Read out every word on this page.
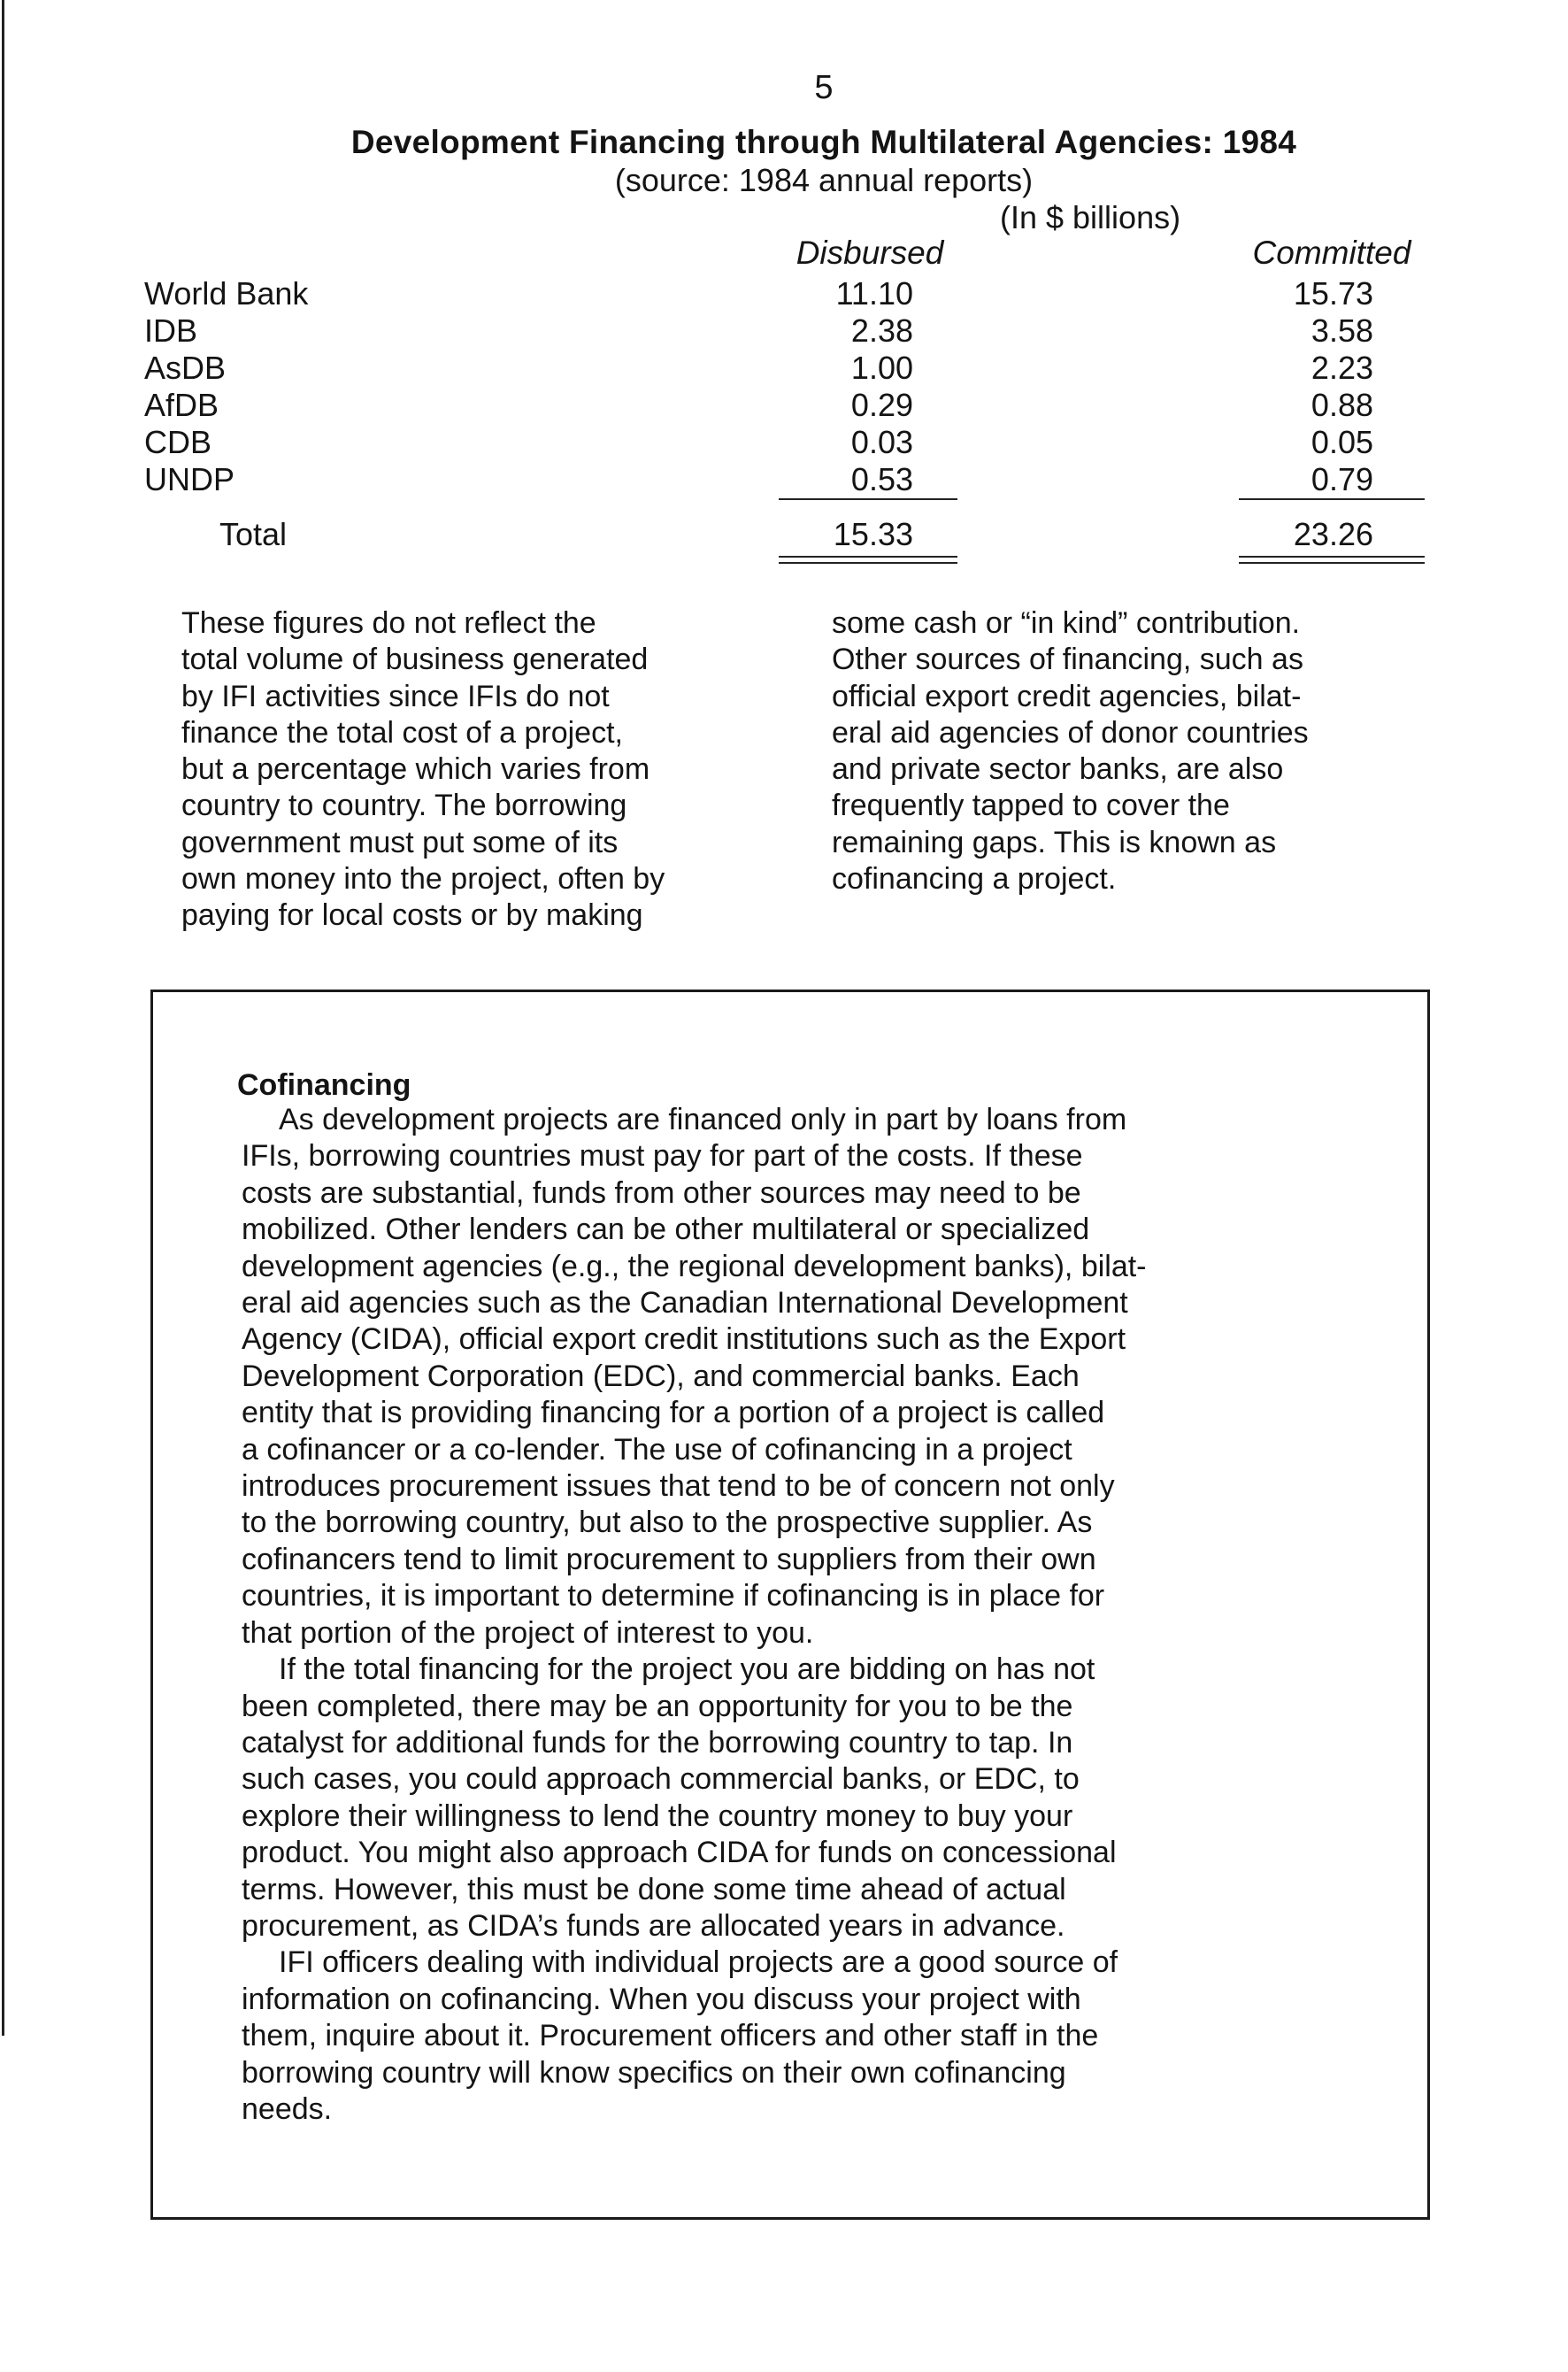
5
Development Financing through Multilateral Agencies: 1984
(source: 1984 annual reports)
(In $ billions)
Disbursed	Committed
World Bank	11.10	15.73
IDB	2.38	3.58
AsDB	1.00	2.23
AfDB	0.29	0.88
CDB	0.03	0.05
UNDP	0.53	0.79
Total	15.33	23.26
These figures do not reflect the
total volume of business generated
by IFI activities since IFIs do not
finance the total cost of a project,
but a percentage which varies from
country to country. The borrowing
government must put some of its
own money into the project, often by
paying for local costs or by making
some cash or “in kind” contribution.
Other sources of financing, such as
official export credit agencies, bilat-
eral aid agencies of donor countries
and private sector banks, are also
frequently tapped to cover the
remaining gaps. This is known as
cofinancing a project.
Cofinancing
As development projects are financed only in part by loans from
IFIs, borrowing countries must pay for part of the costs. If these
costs are substantial, funds from other sources may need to be
mobilized. Other lenders can be other multilateral or specialized
development agencies (e.g., the regional development banks), bilat-
eral aid agencies such as the Canadian International Development
Agency (CIDA), official export credit institutions such as the Export
Development Corporation (EDC), and commercial banks. Each
entity that is providing financing for a portion of a project is called
a cofinancer or a co-lender. The use of cofinancing in a project
introduces procurement issues that tend to be of concern not only
to the borrowing country, but also to the prospective supplier. As
cofinancers tend to limit procurement to suppliers from their own
countries, it is important to determine if cofinancing is in place for
that portion of the project of interest to you.
If the total financing for the project you are bidding on has not
been completed, there may be an opportunity for you to be the
catalyst for additional funds for the borrowing country to tap. In
such cases, you could approach commercial banks, or EDC, to
explore their willingness to lend the country money to buy your
product. You might also approach CIDA for funds on concessional
terms. However, this must be done some time ahead of actual
procurement, as CIDA’s funds are allocated years in advance.
IFI officers dealing with individual projects are a good source of
information on cofinancing. When you discuss your project with
them, inquire about it. Procurement officers and other staff in the
borrowing country will know specifics on their own cofinancing
needs.
